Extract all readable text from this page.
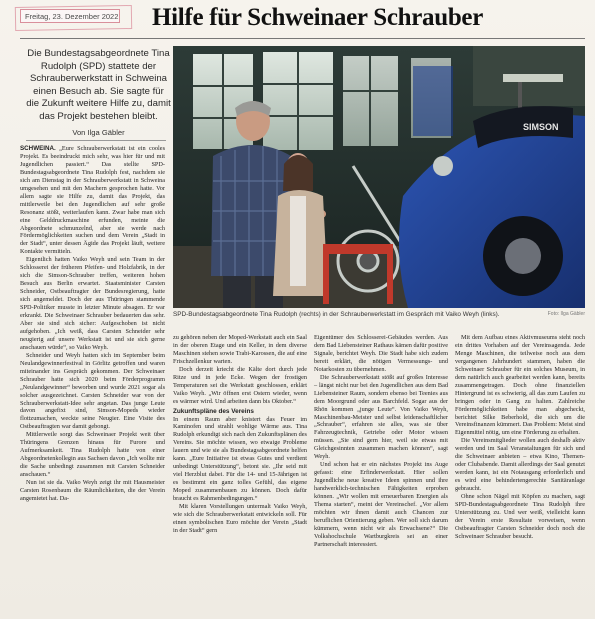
Freitag, 23. Dezember 2022 Hilfe für Schweinaer Schrauber
Die Bundestagsabgeordnete Tina Rudolph (SPD) stattete der Schrauberwerkstatt in Schweina einen Besuch ab. Sie sagte für die Zukunft weitere Hilfe zu, damit das Projekt bestehen bleibt.
Von Ilga Gäbler
SIMSON
SPD-Bundestagsabgeordnete Tina Rudolph (rechts) in der Schrauberwerkstatt im Gespräch mit Vaiko Weyh (links).	Foto: Ilga Gäbler

SCHWEINA. „Eure Schrauberwerkstatt ist ein cooles Projekt. Es beeindruckt mich sehr, was hier für und mit Jugendlichen passiert.“ Das stellte SPD-Bundestagsabgeordnete Tina Rudolph fest, nachdem sie sich am Dienstag in der Schrauberwerkstatt in Schweina umgesehen und mit den Machern gesprochen hatte. Vor allem sagte sie Hilfe zu, damit das Projekt, das mittlerweile bei den Jugendlichen auf sehr große Resonanz stößt, weiterlaufen kann. Zwar habe man sich eine Gelddruckmaschine erfunden, meinte die Abgeordnete schmunzelnd, aber sie werde nach Fördermöglichkeiten suchen und dem Verein „Stadt in der Stadt“, unter dessen Ägide das Projekt läuft, weitere Kontakte vermitteln.

Eigentlich hatten Vaiko Weyh und sein Team in der Schlosserei der früheren Pfeifen- und Holzfabrik, in der sich die Simson-Schrauber treffen, weiteren hohen Besuch aus Berlin erwartet. Staatsminister Carsten Schneider, Ostbeauftragter der Bundesregierung, hatte sich angemeldet. Doch der aus Thüringen stammende SPD-Politiker musste in letzter Minute absagen. Er war erkrankt. Die Schweinaer Schrauber bedauerten das sehr. Aber sie sind sich sicher: Aufgeschoben ist nicht aufgehoben. „Ich weiß, dass Carsten Schneider sehr neugierig auf unsere Werkstatt ist und sie sich gerne anschauen würde“, so Vaiko Weyh.

Schneider und Weyh hatten sich im September beim Neulandgewinnerfestival in Görlitz getroffen und waren miteinander ins Gespräch gekommen. Der Schweinaer Schrauber hatte sich 2020 beim Förderprogramm „Neulandgewinner“ beworben und wurde 2021 sogar als solcher ausgezeichnet. Carsten Schneider war von der Schrauberwerkstatt-Idee sehr angetan. Das junge Leute davon angefixt sind, Simson-Mopeds wieder flottzumachen, weckte seine Neugier. Eine Visite des Ostbeauftragten war damit gebongt.

Mittlerweile sorgt das Schweinaer Projekt weit über Thüringens Grenzen hinaus für Furore und Aufmerksamkeit. Tina Rudolph hatte von einer Abgeordnetenkollegin aus Sachsen davon „Ich wollte mir die Sache unbedingt zusammen mit Carsten Schneider anschauen.“

Nun ist sie da. Vaiko Weyh zeigt ihr mit Hausmeister Carsten Rosenbaum die Räumlichkeiten, die der Verein angemietet hat. Da-

zu gehören neben der Moped-Werkstatt auch ein Saal in der oberen Etage und ein Keller, in dem diverse Maschinen stehen sowie Trabi-Karossen, die auf eine Frischzellenkur warten.

Doch derzeit kriecht die Kälte dort durch jede Ritze und in jede Ecke. Wegen der frostigen Temperaturen sei die Werkstatt geschlossen, erklärt Vaiko Weyh. „Wir öffnen erst Ostern wieder, wenn es wärmer wird. Und arbeiten dann bis Oktober.“

Zukunftspläne des Vereins

In einem Raum aber knistert das Feuer im Kaminofen und strahlt wohlige Wärme aus. Tina Rudolph erkundigt sich nach den Zukunftsplänen des Vereins. Sie möchte wissen, wo etwaige Probleme lauern und wie sie als Bundestagsabgeordnete helfen kann. „Eure Initiative ist etwas Gutes und verdient unbedingt Unterstützung“, betont sie. „Ihr seid mit viel Herzblut dabei. Für die 14- und 15-Jährigen ist es bestimmt ein ganz tolles Gefühl, das eigene Moped zusammenbauen zu können. Doch dafür braucht es Rahmenbedingungen.“

Mit klaren Vorstellungen untermalt Vaiko Weyh, wie sich die Schrauberwerkstatt entwickeln soll. Für einen symbolischen Euro möchte der Verein „Stadt in der Stadt“ gern

Eigentümer des Schlosserei-Gebäudes werden. Aus dem Bad Liebensteiner Rathaus kämen dafür positive Signale, berichtet Weyh. Die Stadt habe sich zudem bereit erklärt, die nötigen Vermessungs- und Notarkosten zu übernehmen.

Die Schrauberwerkstatt stößt auf großes Interesse – längst nicht nur bei den Jugendlichen aus dem Bad Liebensteiner Raum, sondern ebenso bei Teenies aus dem Moorgrund oder aus Barchfeld. Sogar aus der Rhön kommen „junge Leute“. Von Vaiko Weyh, Maschinenbau-Meister und selbst leidenschaftlicher „Schrauber“, erfahren sie alles, was sie über Fahrzeugtechnik, Getriebe oder Motor wissen müssen. „Sie sind gern hier, weil sie etwas mit Gleichgesinnten zusammen machen können“, sagt Weyh.

Und schon hat er ein nächstes Projekt ins Auge gefasst: eine Erfinderwerkstatt. Hier sollen Jugendliche neue kreative Ideen spinnen und ihre handwerklich-technischen Fähigkeiten erproben können. „Wir wollen mit erneuerbaren Energien als Thema starten“, meint der Vereinschef. „Vor allem möchten wir ihnen damit auch Chancen zur beruflichen Orientierung geben. Wer soll sich darum kümmern, wenn nicht wir als Erwachsene?“ Die Volkshochschule Wartburgkreis sei an einer Partnerschaft interessiert.

Mit dem Aufbau eines Aktivmuseums steht noch ein drittes Vorhaben auf der Vereinsagenda. Jede Menge Maschinen, die teilweise noch aus dem vergangenen Jahrhundert stammen, haben die Schweinaer Schrauber für ein solches Museum, in dem natürlich auch gearbeitet werden kann, bereits zusammengetragen. Doch ohne finanziellen Hintergrund ist es schwierig, all das zum Laufen zu bringen oder in Gang zu halten. Zahlreiche Fördermöglichkeiten habe man abgecheckt, berichtet Silke Beberhold, die sich um die Vereinsfinanzen kümmert. Das Problem: Meist sind Eigenmittel nötig, um eine Förderung zu erhalten.

Die Vereinsmitglieder wollen auch deshalb aktiv werden und im Saal Veranstaltungen für sich und die Schweinaer anbieten – etwa Kino, Themen- oder Clubabende. Damit allerdings der Saal genutzt werden kann, ist ein Notausgang erforderlich und es wird eine behindertengerechte Sanitäranlage gebraucht.

Ohne schon Nägel mit Köpfen zu machen, sagt SPD-Bundestagsabgeordnete Tina Rudolph ihre Unterstützung zu. Und wer weiß, vielleicht kann der Verein erste Resultate vorweisen, wenn Ostbeauftragter Carsten Schneider doch noch die Schweinaer Schrauber besucht.
